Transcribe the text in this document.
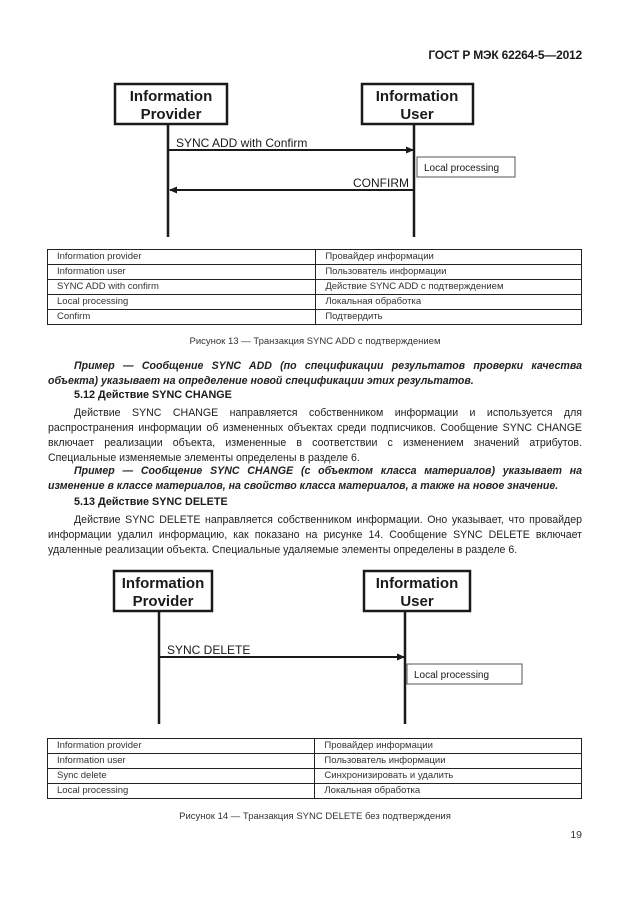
ГОСТ Р МЭК 62264-5—2012
Information
Provider
Information
User
SYNC ADD with Confirm
Local processing
CONFIRM
Information
Provider
Information
User
SYNC DELETE
Local processing
Information provider	Провайдер информации
Information user	Пользователь информации
SYNC ADD with confirm	Действие SYNC ADD с подтверждением
Local processing	Локальная обработка
Confirm	Подтвердить
Рисунок 13 — Транзакция SYNC ADD с подтверждением
Пример — Сообщение SYNC ADD (по спецификации результатов проверки качества объекта) указывает на определение новой спецификации этих результатов.
5.12 Действие SYNC CHANGE
Действие SYNC CHANGE направляется собственником информации и используется для распространения информации об измененных объектах среди подписчиков. Сообщение SYNC CHANGE включает реализации объекта, измененные в соответствии с изменением значений атрибутов. Специальные изменяемые элементы определены в разделе 6.
Пример — Сообщение SYNC CHANGE (с объектом класса материалов) указывает на изменение в классе материалов, на свойство класса материалов, а также на новое значение.
5.13 Действие SYNC DELETE
Действие SYNC DELETE направляется собственником информации. Оно указывает, что провайдер информации удалил информацию, как показано на рисунке 14. Сообщение SYNC DELETE включает удаленные реализации объекта. Специальные удаляемые элементы определены в разделе 6.
Information provider	Провайдер информации
Information user	Пользователь информации
Sync delete	Синхронизировать и удалить
Local processing	Локальная обработка
Рисунок 14 — Транзакция SYNC DELETE без подтверждения
19
